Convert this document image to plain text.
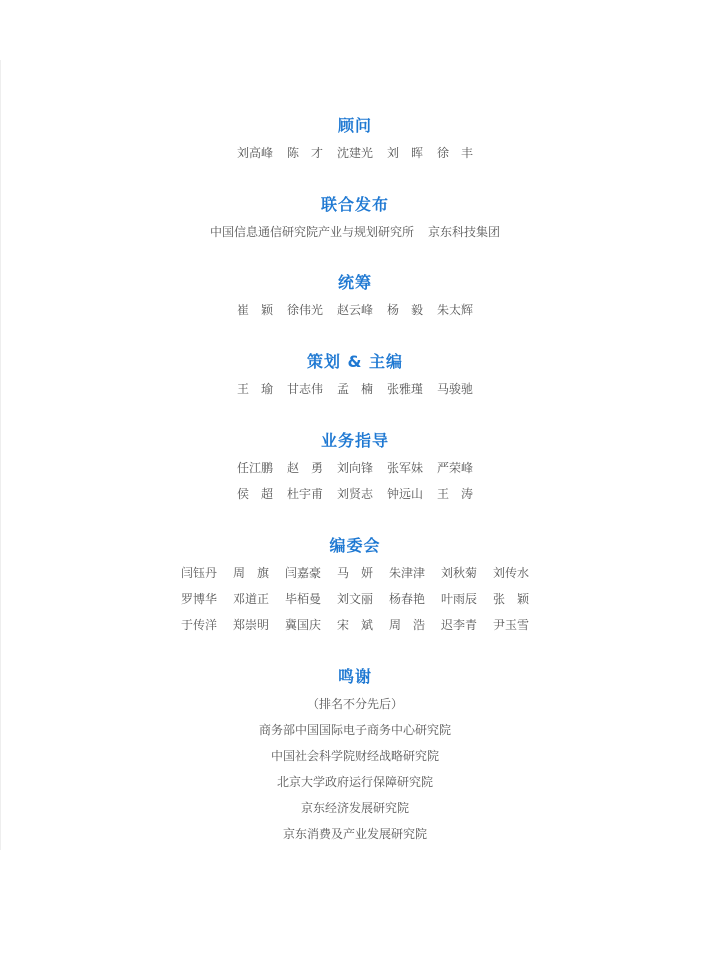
顾问
刘高峰 陈　才 沈建光 刘　晖 徐　丰
联合发布
中国信息通信研究院产业与规划研究所 京东科技集团
统筹
崔　颖 徐伟光 赵云峰 杨　毅 朱太辉
策划 & 主编
王　瑜 甘志伟 孟　楠 张雅瑾 马骏驰
业务指导
任江鹏 赵　勇 刘向锋 张军妹 严荣峰
侯　超 杜宇甫 刘贤志 钟远山 王　涛
编委会
闫钰丹 周　旗 闫嘉豪 马　妍 朱津津 刘秋菊 刘传水
罗博华 邓道正 毕栢曼 刘文丽 杨春艳 叶雨辰 张　颖
于传洋 郑崇明 冀国庆 宋　斌 周　浩 迟李青 尹玉雪
鸣谢
（排名不分先后）
商务部中国国际电子商务中心研究院
中国社会科学院财经战略研究院
北京大学政府运行保障研究院
京东经济发展研究院
京东消费及产业发展研究院
